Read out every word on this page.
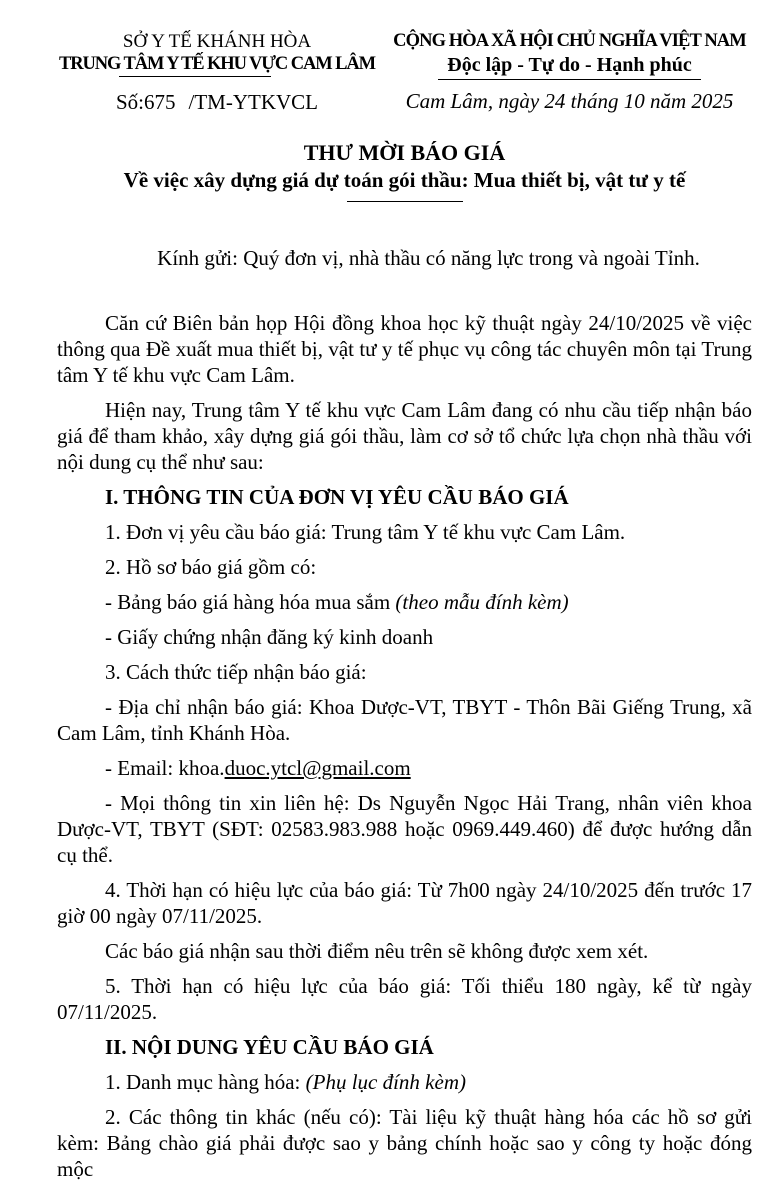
SỞ Y TẾ KHÁNH HÒA
TRUNG TÂM Y TẾ KHU VỰC CAM LÂM
Số:675 /TM-YTKVCL
CỘNG HÒA XÃ HỘI CHỦ NGHĨA VIỆT NAM
Độc lập - Tự do - Hạnh phúc
Cam Lâm, ngày 24 tháng 10 năm 2025
THƯ MỜI BÁO GIÁ
Về việc xây dựng giá dự toán gói thầu: Mua thiết bị, vật tư y tế
Kính gửi: Quý đơn vị, nhà thầu có năng lực trong và ngoài Tỉnh.

Căn cứ Biên bản họp Hội đồng khoa học kỹ thuật ngày 24/10/2025 về việc thông qua Đề xuất mua thiết bị, vật tư y tế phục vụ công tác chuyên môn tại Trung tâm Y tế khu vực Cam Lâm.

Hiện nay, Trung tâm Y tế khu vực Cam Lâm đang có nhu cầu tiếp nhận báo giá để tham khảo, xây dựng giá gói thầu, làm cơ sở tổ chức lựa chọn nhà thầu với nội dung cụ thể như sau:

I. THÔNG TIN CỦA ĐƠN VỊ YÊU CẦU BÁO GIÁ

1. Đơn vị yêu cầu báo giá: Trung tâm Y tế khu vực Cam Lâm.

2. Hồ sơ báo giá gồm có:

- Bảng báo giá hàng hóa mua sắm (theo mẫu đính kèm)

- Giấy chứng nhận đăng ký kinh doanh

3. Cách thức tiếp nhận báo giá:

- Địa chỉ nhận báo giá: Khoa Dược-VT, TBYT - Thôn Bãi Giếng Trung, xã Cam Lâm, tỉnh Khánh Hòa.

- Email: khoa.duoc.ytcl@gmail.com

- Mọi thông tin xin liên hệ: Ds Nguyễn Ngọc Hải Trang, nhân viên khoa Dược-VT, TBYT (SĐT: 02583.983.988 hoặc 0969.449.460) để được hướng dẫn cụ thể.

4. Thời hạn có hiệu lực của báo giá: Từ 7h00 ngày 24/10/2025 đến trước 17 giờ 00 ngày 07/11/2025.

Các báo giá nhận sau thời điểm nêu trên sẽ không được xem xét.

5. Thời hạn có hiệu lực của báo giá: Tối thiểu 180 ngày, kể từ ngày 07/11/2025.

II. NỘI DUNG YÊU CẦU BÁO GIÁ

1. Danh mục hàng hóa: (Phụ lục đính kèm)

2. Các thông tin khác (nếu có): Tài liệu kỹ thuật hàng hóa các hồ sơ gửi kèm: Bảng chào giá phải được sao y bảng chính hoặc sao y công ty hoặc đóng mộc
